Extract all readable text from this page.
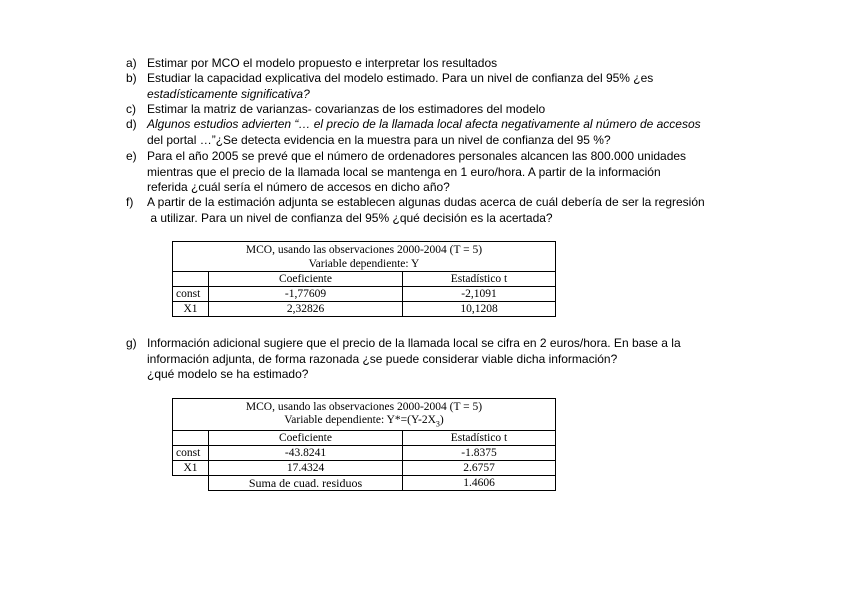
a) Estimar por MCO el modelo propuesto e interpretar los resultados
b) Estudiar la capacidad explicativa del modelo estimado. Para un nivel de confianza del 95% ¿es
estadísticamente significativa?
c) Estimar la matriz de varianzas- covarianzas de los estimadores del modelo
d) Algunos estudios advierten “… el precio de la llamada local afecta negativamente al número de accesos
del portal …”¿Se detecta evidencia en la muestra para un nivel de confianza del 95 %?
e) Para el año 2005 se prevé que el número de ordenadores personales alcancen las 800.000 unidades
mientras que el precio de la llamada local se mantenga en 1 euro/hora. A partir de la información
referida ¿cuál sería el número de accesos en dicho año?
f) A partir de la estimación adjunta se establecen algunas dudas acerca de cuál debería de ser la regresión
a utilizar. Para un nivel de confianza del 95% ¿qué decisión es la acertada?
MCO, usando las observaciones 2000-2004 (T = 5)		
Variable dependiente: Y		
	Coeficiente	Estadístico t
const	-1,77609	-2,1091
X1	2,32826	10,1208
g) Información adicional sugiere que el precio de la llamada local se cifra en 2 euros/hora. En base a la
información adjunta, de forma razonada ¿se puede considerar viable dicha información?
¿qué modelo se ha estimado?
MCO, usando las observaciones 2000-2004 (T = 5)		
Variable dependiente: $Y*=(Y-2X_3)$		
	Coeficiente	Estadístico t
const	-43.8241	-1.8375
X1	17.4324	2.6757
	Suma de cuad. residuos	1.4606
